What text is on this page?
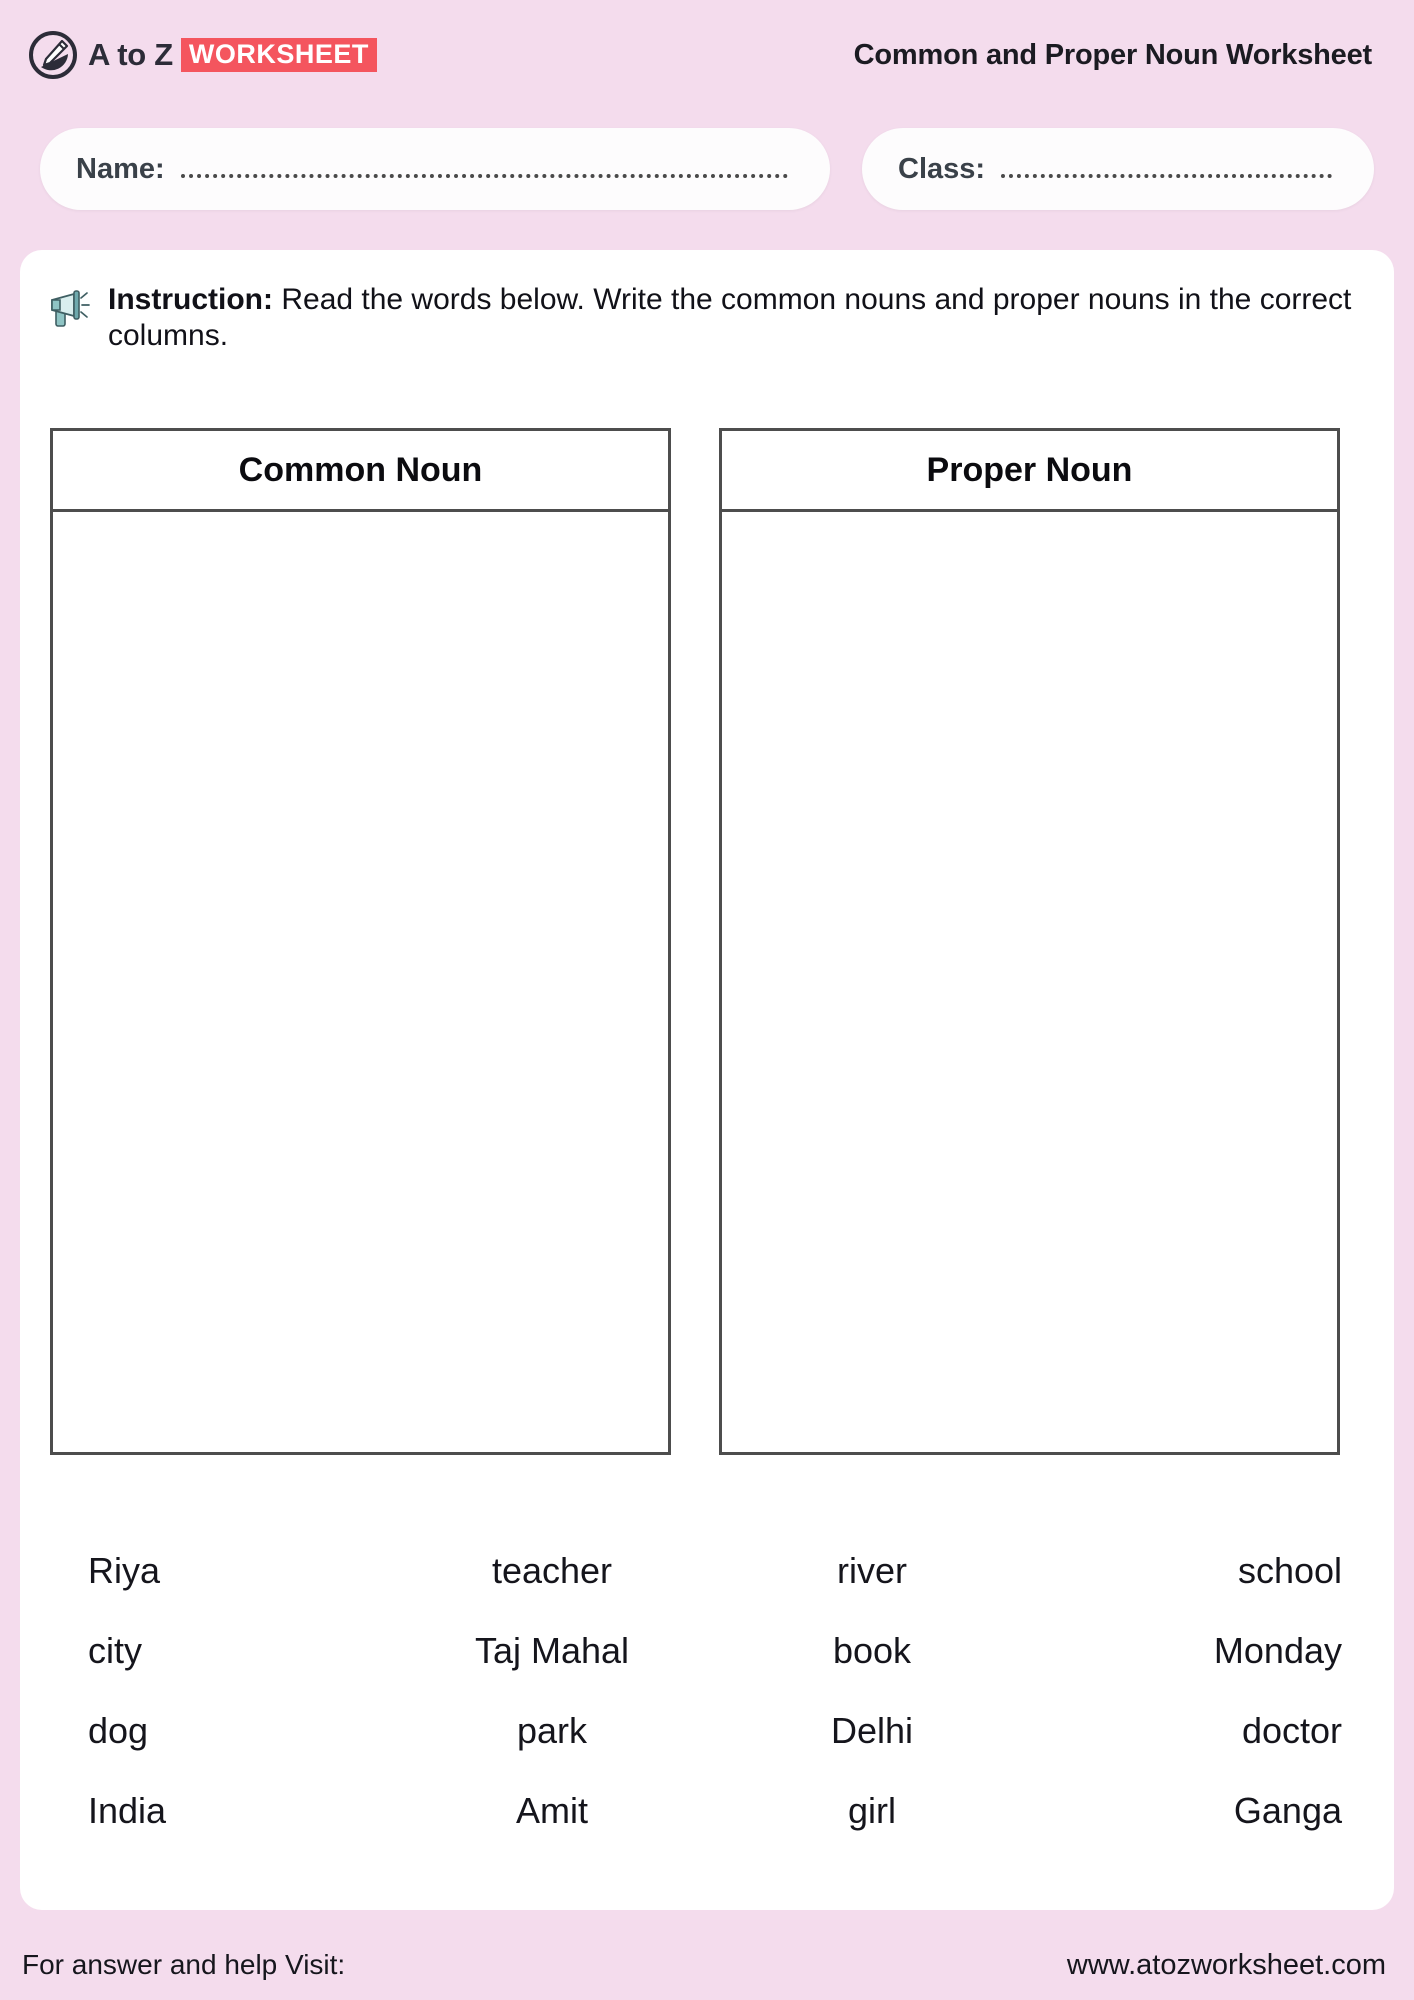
A to Z WORKSHEET	Common and Proper Noun Worksheet
Name:	Class:
Instruction: Read the words below. Write the common nouns and proper nouns in the correct columns.
Common Noun	Proper Noun
Riya	teacher	river	school
city	Taj Mahal	book	Monday
dog	park	Delhi	doctor
India	Amit	girl	Ganga
For answer and help Visit:	www.atozworksheet.com
